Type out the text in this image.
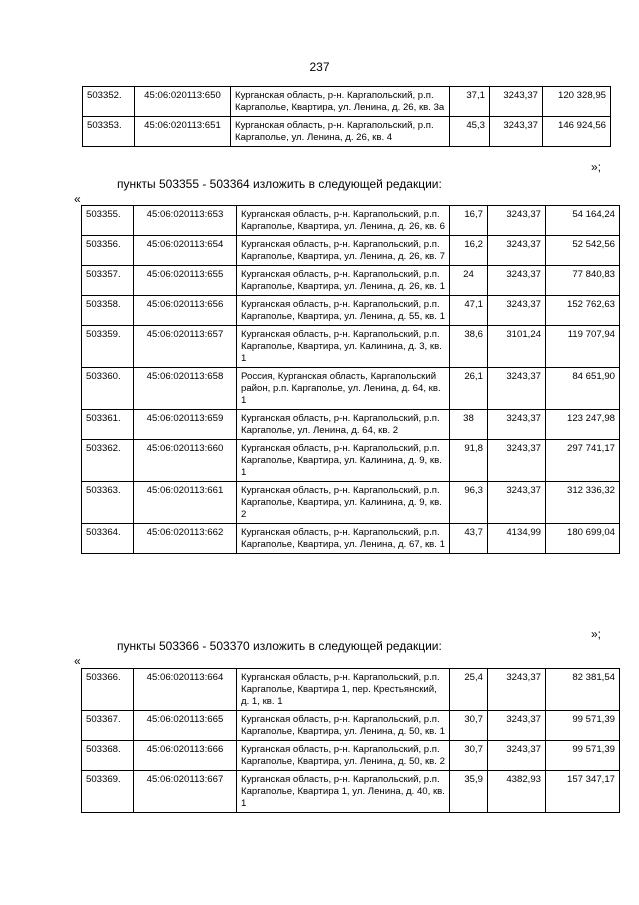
237
503352.	45:06:020113:650	Курганская область, р-н. Каргапольский, р.п. Каргаполье, Квартира, ул. Ленина, д. 26, кв. 3а	37,1	3243,37	120 328,95
503353.	45:06:020113:651	Курганская область, р-н. Каргапольский, р.п. Каргаполье, ул. Ленина, д. 26, кв. 4	45,3	3243,37	146 924,56
»;
пункты 503355 - 503364 изложить в следующей редакции:
«
503355.	45:06:020113:653	Курганская область, р-н. Каргапольский, р.п. Каргаполье, Квартира, ул. Ленина, д. 26, кв. 6	16,7	3243,37	54 164,24
503356.	45:06:020113:654	Курганская область, р-н. Каргапольский, р.п. Каргаполье, Квартира, ул. Ленина, д. 26, кв. 7	16,2	3243,37	52 542,56
503357.	45:06:020113:655	Курганская область, р-н. Каргапольский, р.п. Каргаполье, Квартира, ул. Ленина, д. 26, кв. 1	24	3243,37	77 840,83
503358.	45:06:020113:656	Курганская область, р-н. Каргапольский, р.п. Каргаполье, Квартира, ул. Ленина, д. 55, кв. 1	47,1	3243,37	152 762,63
503359.	45:06:020113:657	Курганская область, р-н. Каргапольский, р.п. Каргаполье, Квартира, ул. Калинина, д. 3, кв. 1	38,6	3101,24	119 707,94
503360.	45:06:020113:658	Россия, Курганская область, Каргапольский район, р.п. Каргаполье, ул. Ленина, д. 64, кв. 1	26,1	3243,37	84 651,90
503361.	45:06:020113:659	Курганская область, р-н. Каргапольский, р.п. Каргаполье, ул. Ленина, д. 64, кв. 2	38	3243,37	123 247,98
503362.	45:06:020113:660	Курганская область, р-н. Каргапольский, р.п. Каргаполье, Квартира, ул. Калинина, д. 9, кв. 1	91,8	3243,37	297 741,17
503363.	45:06:020113:661	Курганская область, р-н. Каргапольский, р.п. Каргаполье, Квартира, ул. Калинина, д. 9, кв. 2	96,3	3243,37	312 336,32
503364.	45:06:020113:662	Курганская область, р-н. Каргапольский, р.п. Каргаполье, Квартира, ул. Ленина, д. 67, кв. 1	43,7	4134,99	180 699,04
»;
пункты 503366 - 503370 изложить в следующей редакции:
«
503366.	45:06:020113:664	Курганская область, р-н. Каргапольский, р.п. Каргаполье, Квартира 1, пер. Крестьянский, д. 1, кв. 1	25,4	3243,37	82 381,54
503367.	45:06:020113:665	Курганская область, р-н. Каргапольский, р.п. Каргаполье, Квартира, ул. Ленина, д. 50, кв. 1	30,7	3243,37	99 571,39
503368.	45:06:020113:666	Курганская область, р-н. Каргапольский, р.п. Каргаполье, Квартира, ул. Ленина, д. 50, кв. 2	30,7	3243,37	99 571,39
503369.	45:06:020113:667	Курганская область, р-н. Каргапольский, р.п. Каргаполье, Квартира 1, ул. Ленина, д. 40, кв. 1	35,9	4382,93	157 347,17
